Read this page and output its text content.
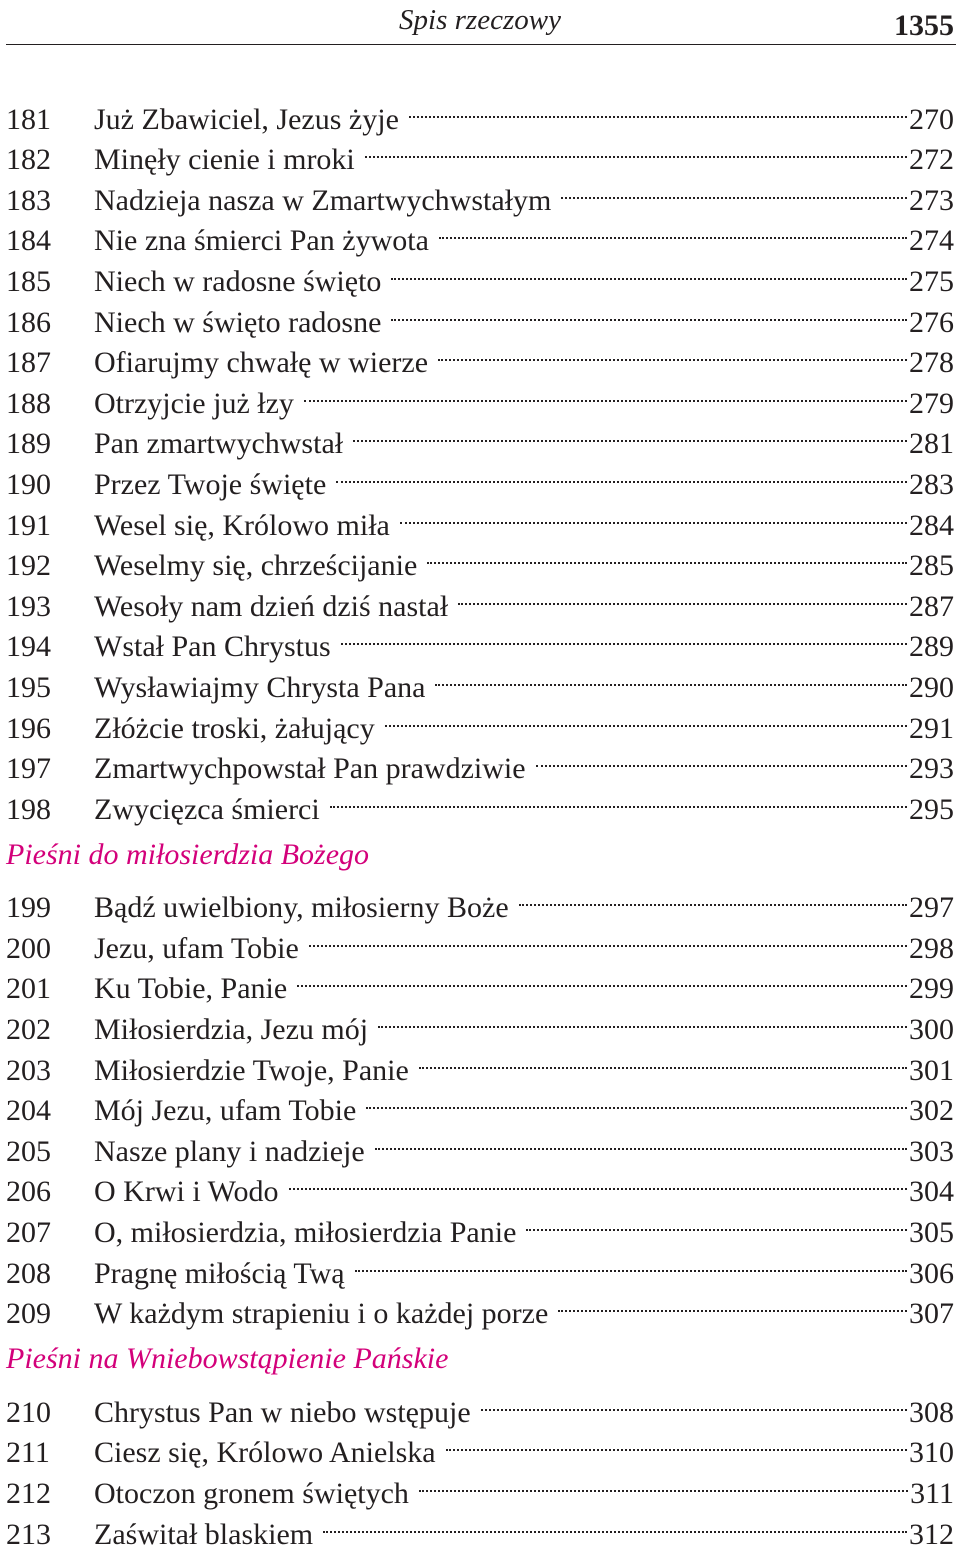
Spis rzeczowy	1355
181	Już Zbawiciel, Jezus żyje	270
182	Minęły cienie i mroki	272
183	Nadzieja nasza w Zmartwychwstałym	273
184	Nie zna śmierci Pan żywota	274
185	Niech w radosne święto	275
186	Niech w święto radosne	276
187	Ofiarujmy chwałę w wierze	278
188	Otrzyjcie już łzy	279
189	Pan zmartwychwstał	281
190	Przez Twoje święte	283
191	Wesel się, Królowo miła	284
192	Weselmy się, chrześcijanie	285
193	Wesoły nam dzień dziś nastał	287
194	Wstał Pan Chrystus	289
195	Wysławiajmy Chrysta Pana	290
196	Złóżcie troski, żałujący	291
197	Zmartwychpowstał Pan prawdziwie	293
198	Zwycięzca śmierci	295
Pieśni do miłosierdzia Bożego
199	Bądź uwielbiony, miłosierny Boże	297
200	Jezu, ufam Tobie	298
201	Ku Tobie, Panie	299
202	Miłosierdzia, Jezu mój	300
203	Miłosierdzie Twoje, Panie	301
204	Mój Jezu, ufam Tobie	302
205	Nasze plany i nadzieje	303
206	O Krwi i Wodo	304
207	O, miłosierdzia, miłosierdzia Panie	305
208	Pragnę miłością Twą	306
209	W każdym strapieniu i o każdej porze	307
Pieśni na Wniebowstąpienie Pańskie
210	Chrystus Pan w niebo wstępuje	308
211	Ciesz się, Królowo Anielska	310
212	Otoczon gronem świętych	311
213	Zaświtał blaskiem	312
